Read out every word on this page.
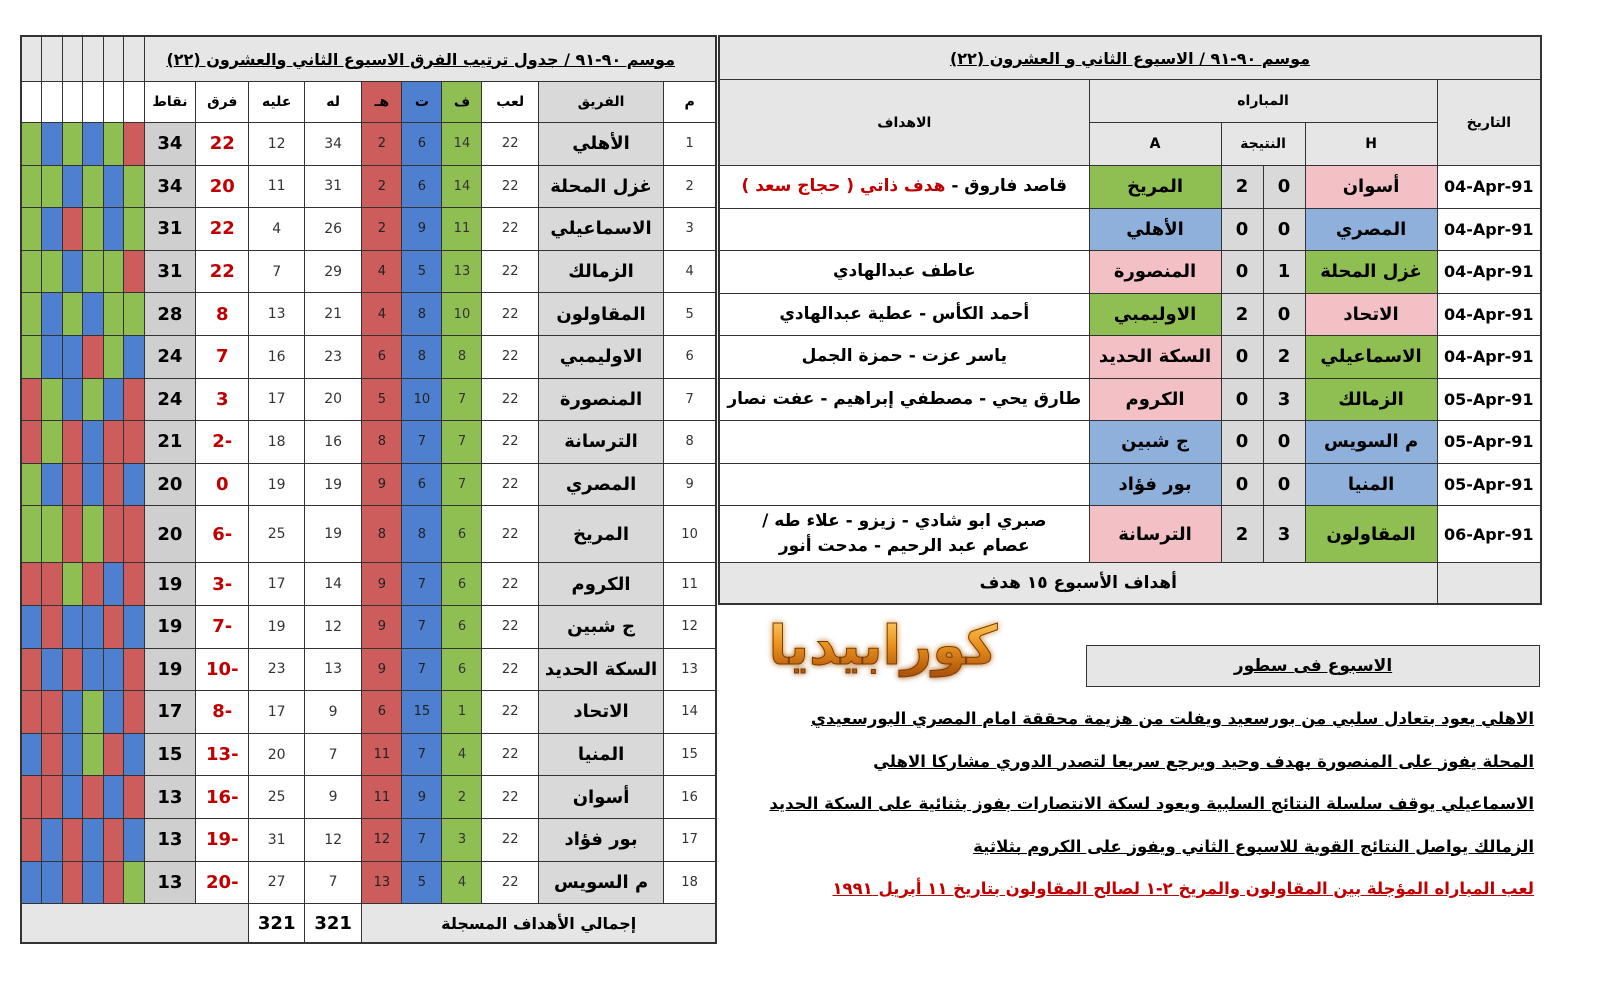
موسم ٩٠-٩١ / جدول ترتيب الفرق الاسبوع الثاني والعشرون (٢٢)															
م	الفريق	لعب	ف	ت	هـ	له	عليه	فرق	نقاط						
1	الأهلي	22	14	6	2	34	12	22	34						
2	غزل المحلة	22	14	6	2	31	11	20	34						
3	الاسماعيلي	22	11	9	2	26	4	22	31						
4	الزمالك	22	13	5	4	29	7	22	31						
5	المقاولون	22	10	8	4	21	13	8	28						
6	الاوليمبي	22	8	8	6	23	16	7	24						
7	المنصورة	22	7	10	5	20	17	3	24						
8	الترسانة	22	7	7	8	16	18	-2	21						
9	المصري	22	7	6	9	19	19	0	20						
10	المريخ	22	6	8	8	19	25	-6	20						
11	الكروم	22	6	7	9	14	17	-3	19						
12	ج شبين	22	6	7	9	12	19	-7	19						
13	السكة الحديد	22	6	7	9	13	23	-10	19						
14	الاتحاد	22	1	15	6	9	17	-8	17						
15	المنيا	22	4	7	11	7	20	-13	15						
16	أسوان	22	2	9	11	9	25	-16	13						
17	بور فؤاد	22	3	7	12	12	31	-19	13						
18	م السويس	22	4	5	13	7	27	-20	13						
إجمالي الأهداف المسجلة						321	321								
موسم ٩٠-٩١ / الاسبوع الثاني و العشرون (٢٢)					
التاريخ	المباراه				الاهداف
	H	النتيجة		A	
04-Apr-91	أسوان	0	2	المريخ	قاصد فاروق - هدف ذاتي ( حجاج سعد )
04-Apr-91	المصري	0	0	الأهلي	
04-Apr-91	غزل المحلة	1	0	المنصورة	عاطف عبدالهادي
04-Apr-91	الاتحاد	0	2	الاوليمبي	أحمد الكأس - عطية عبدالهادي
04-Apr-91	الاسماعيلي	2	0	السكة الحديد	ياسر عزت - حمزة الجمل
05-Apr-91	الزمالك	3	0	الكروم	طارق يحي - مصطفي إبراهيم - عفت نصار
05-Apr-91	م السويس	0	0	ج شبين	
05-Apr-91	المنيا	0	0	بور فؤاد	
06-Apr-91	المقاولون	3	2	الترسانة	صبري ابو شادي - زيزو - علاء طه /
عصام عبد الرحيم - مدحت أنور
	أهداف الأسبوع ١٥ هدف				
كورابيديا	الاسبوع فى سطور
الاهلي يعود بتعادل سلبي من بورسعيد ويفلت من هزيمة محققة امام المصري البورسعيدي
المحلة يفوز على المنصورة بهدف وحيد ويرجع سريعا لتصدر الدوري مشاركا الاهلي
الاسماعيلي يوقف سلسلة النتائج السلبية ويعود لسكة الانتصارات بفوز بثنائية على السكة الحديد
الزمالك يواصل النتائج القوية للاسبوع الثاني ويفوز على الكروم بثلاثية
لعب المباراه المؤجلة بين المقاولون والمريخ ٢-١ لصالح المقاولون بتاريخ ١١ أبريل ١٩٩١
